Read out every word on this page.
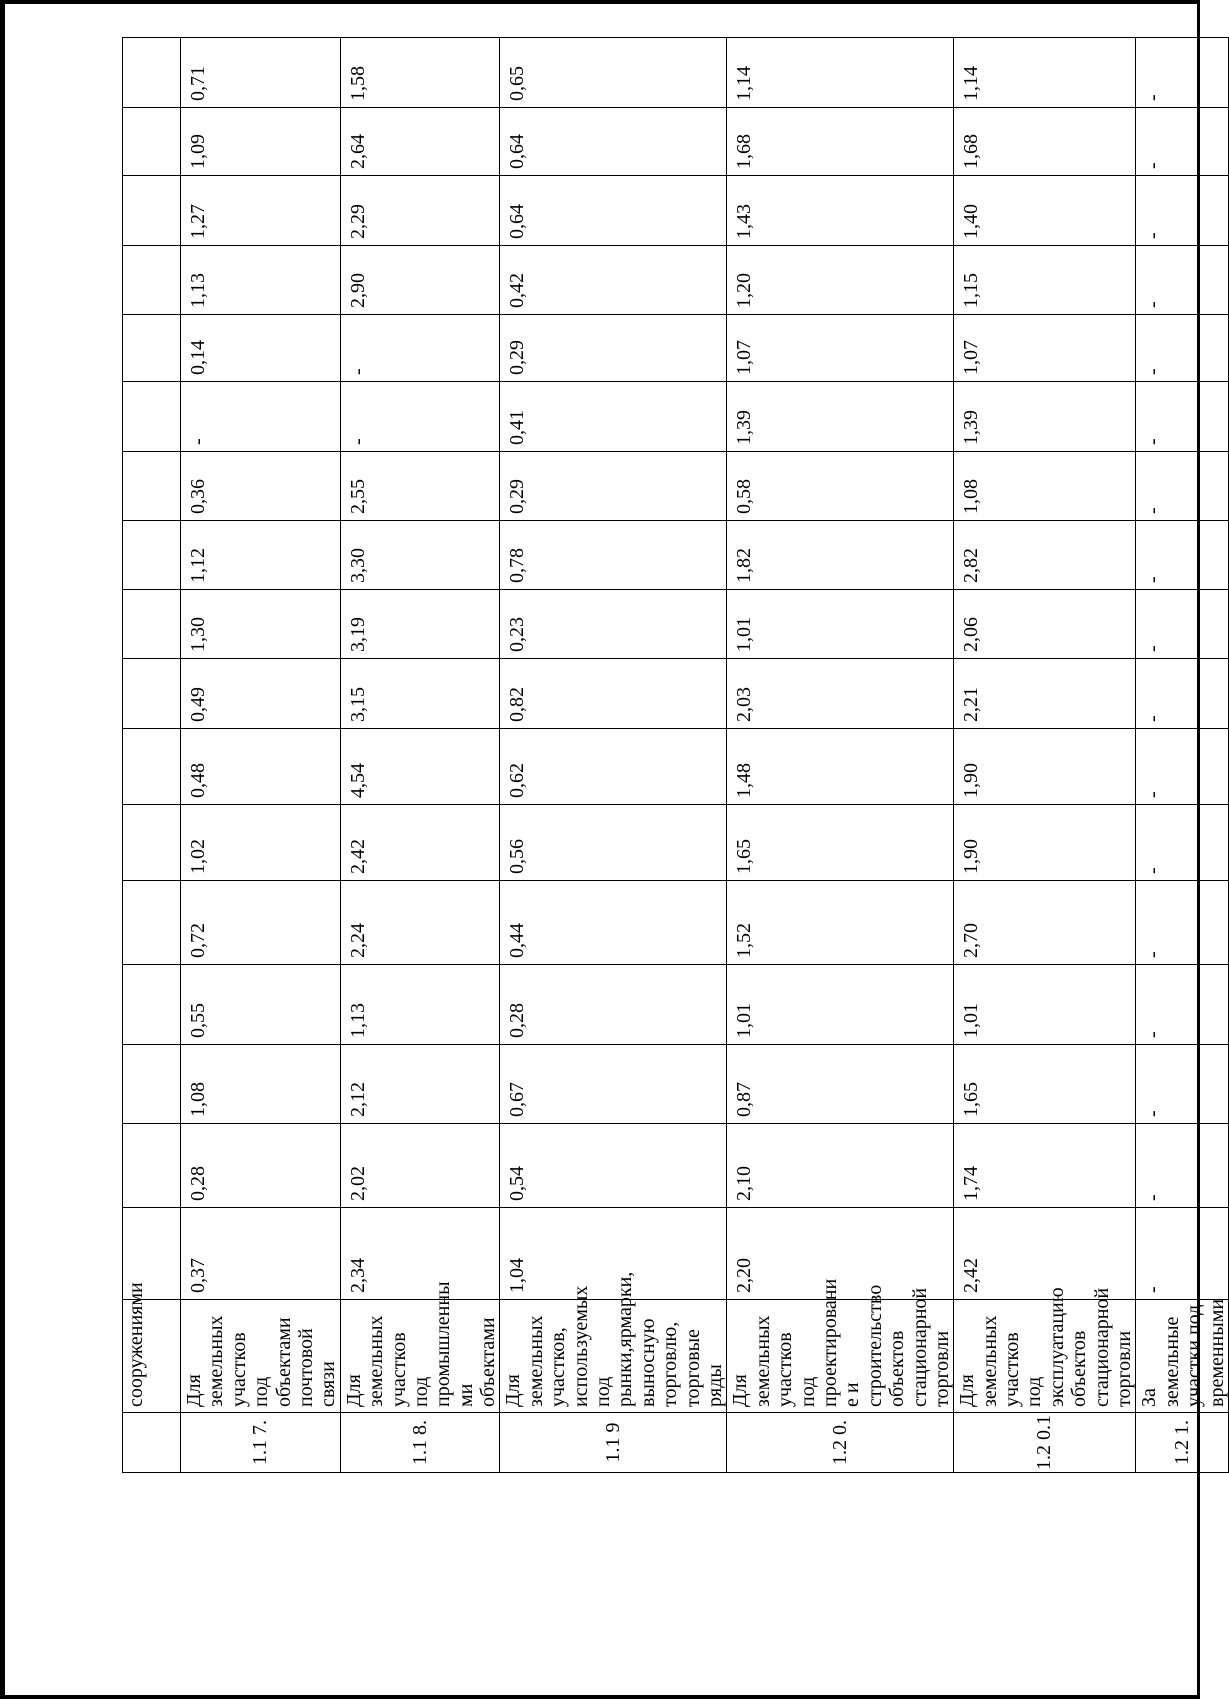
	сооружениями																	
1.1 7.	Для земельных участков под объектами почтовой связи	0,37	0,28	1,08	0,55	0,72	1,02	0,48	0,49	1,30	1,12	0,36	-	0,14	1,13	1,27	1,09	0,71
1.1 8.	Для земельных участков под промышленны ми объектами	2,34	2,02	2,12	1,13	2,24	2,42	4,54	3,15	3,19	3,30	2,55	-	-	2,90	2,29	2,64	1,58
1.1 9	Для земельных участков, используемых под рынки,ярмарки, выносную торговлю, торговые ряды	1,04	0,54	0,67	0,28	0,44	0,56	0,62	0,82	0,23	0,78	0,29	0,41	0,29	0,42	0,64	0,64	0,65
1.2 0.	Для земельных участков под проектировани е и строительство объектов стационарной торговли	2,20	2,10	0,87	1,01	1,52	1,65	1,48	2,03	1,01	1,82	0,58	1,39	1,07	1,20	1,43	1,68	1,14
1.2 0.1	Для земельных участков под эксплуатацию объектов стационарной торговли	2,42	1,74	1,65	1,01	2,70	1,90	1,90	2,21	2,06	2,82	1,08	1,39	1,07	1,15	1,40	1,68	1,14
1.2 1.	За земельные участки под временными	-	-	-	-	-	-	-	-	-	-	-	-	-	-	-	-	-
